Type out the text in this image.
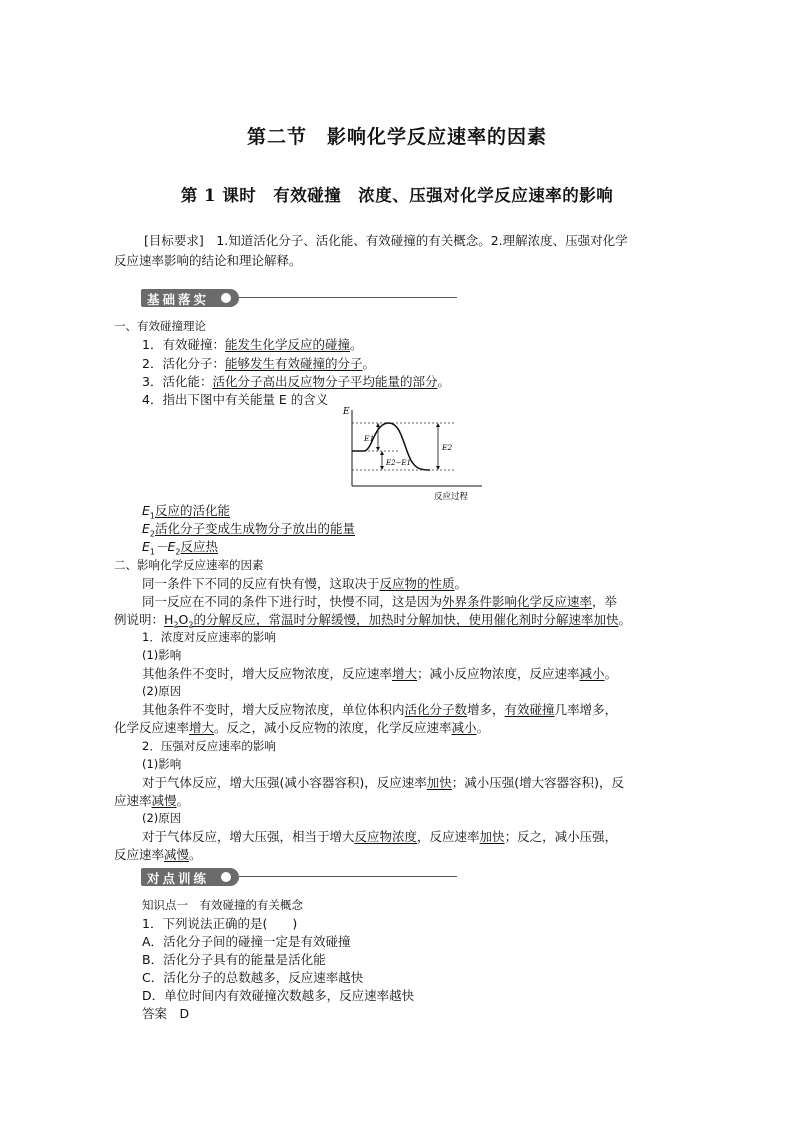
第二节　影响化学反应速率的因素
第 1 课时　有效碰撞　浓度、压强对化学反应速率的影响
[目标要求]　1.知道活化分子、活化能、有效碰撞的有关概念。2.理解浓度、压强对化学
反应速率影响的结论和理论解释。
基础落实
一、有效碰撞理论
1．有效碰撞：能发生化学反应的碰撞。
2．活化分子：能够发生有效碰撞的分子。
3．活化能：活化分子高出反应物分子平均能量的部分。
4．指出下图中有关能量 E 的含义
E
E1
E2
E2−E1
反应过程
$E_1$反应的活化能
$E_2$活化分子变成生成物分子放出的能量
$E_1-E_2$反应热
二、影响化学反应速率的因素
同一条件下不同的反应有快有慢，这取决于反应物的性质。
同一反应在不同的条件下进行时，快慢不同，这是因为外界条件影响化学反应速率，举
例说明：$H_2O_2$的分解反应，常温时分解缓慢，加热时分解加快，使用催化剂时分解速率加快。
1．浓度对反应速率的影响
(1)影响
其他条件不变时，增大反应物浓度，反应速率增大；减小反应物浓度，反应速率减小。
(2)原因
其他条件不变时，增大反应物浓度，单位体积内活化分子数增多，有效碰撞几率增多，
化学反应速率增大。反之，减小反应物的浓度，化学反应速率减小。
2．压强对反应速率的影响
(1)影响
对于气体反应，增大压强(减小容器容积)，反应速率加快；减小压强(增大容器容积)，反
应速率减慢。
(2)原因
对于气体反应，增大压强，相当于增大反应物浓度，反应速率加快；反之，减小压强，
反应速率减慢。
对点训练
知识点一　有效碰撞的有关概念
1．下列说法正确的是(　　)
A．活化分子间的碰撞一定是有效碰撞
B．活化分子具有的能量是活化能
C．活化分子的总数越多，反应速率越快
D．单位时间内有效碰撞次数越多，反应速率越快
答案　D
